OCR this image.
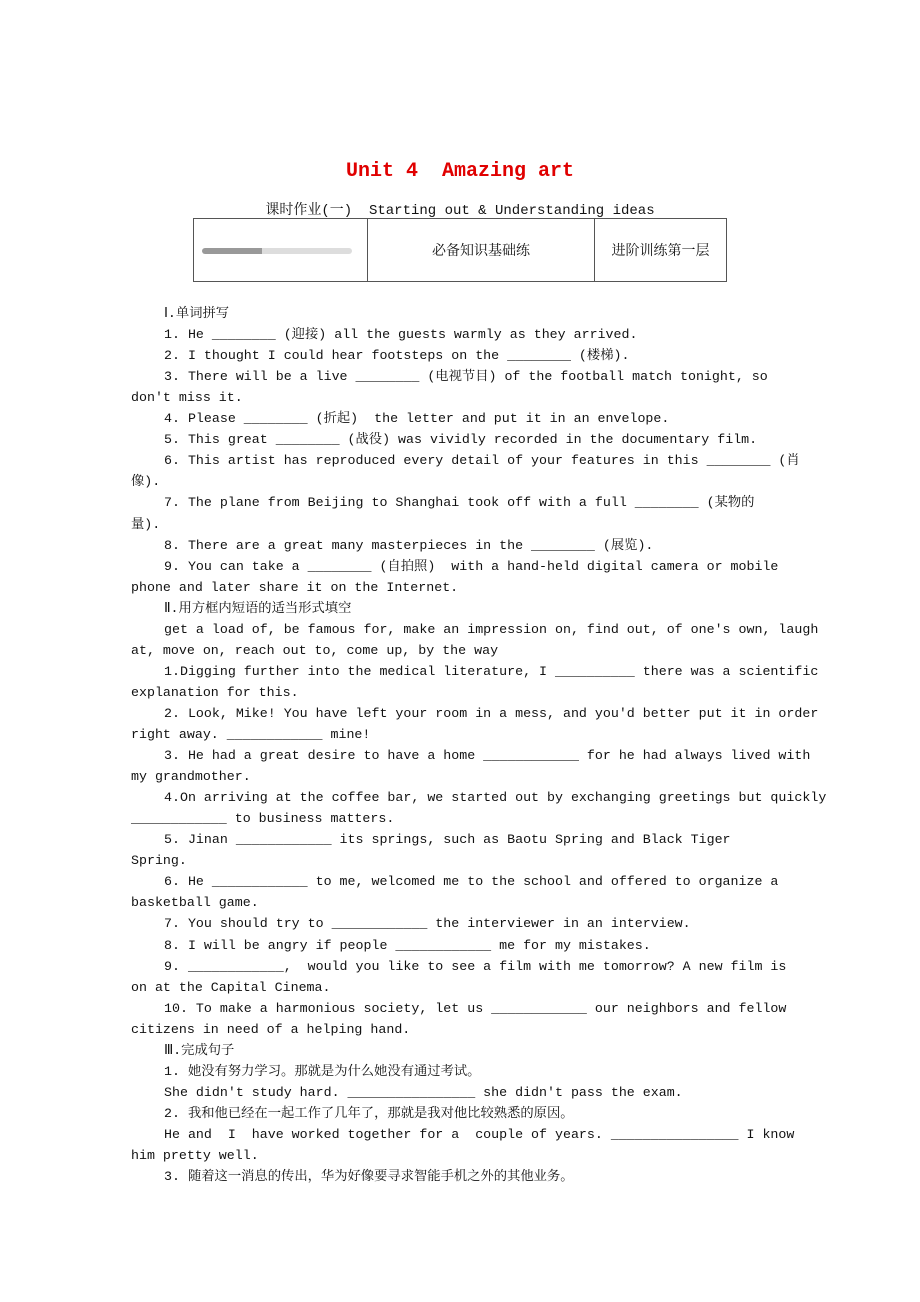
Unit 4  Amazing art
课时作业(一)  Starting out & Understanding ideas
	必备知识基础练	进阶训练第一层
Ⅰ.单词拼写
1. He ________ (迎接) all the guests warmly as they arrived.
2. I thought I could hear footsteps on the ________ (楼梯).
3. There will be a live ________ (电视节目) of the football match tonight, so
don't miss it.
4. Please ________ (折起)  the letter and put it in an envelope.
5. This great ________ (战役) was vividly recorded in the documentary film.
6. This artist has reproduced every detail of your features in this ________ (肖
像).
7. The plane from Beijing to Shanghai took off with a full ________ (某物的
量).
8. There are a great many masterpieces in the ________ (展览).
9. You can take a ________ (自拍照)  with a hand-held digital camera or mobile
phone and later share it on the Internet.
Ⅱ.用方框内短语的适当形式填空
get a load of, be famous for, make an impression on, find out, of one's own, laugh
at, move on, reach out to, come up, by the way
1.Digging further into the medical literature, I __________ there was a scientific
explanation for this.
2. Look, Mike! You have left your room in a mess, and you'd better put it in order
right away. ____________ mine!
3. He had a great desire to have a home ____________ for he had always lived with
my grandmother.
4.On arriving at the coffee bar, we started out by exchanging greetings but quickly
____________ to business matters.
5. Jinan ____________ its springs, such as Baotu Spring and Black Tiger
Spring.
6. He ____________ to me, welcomed me to the school and offered to organize a
basketball game.
7. You should try to ____________ the interviewer in an interview.
8. I will be angry if people ____________ me for my mistakes.
9. ____________,  would you like to see a film with me tomorrow? A new film is
on at the Capital Cinema.
10. To make a harmonious society, let us ____________ our neighbors and fellow
citizens in need of a helping hand.
Ⅲ.完成句子
1. 她没有努力学习。那就是为什么她没有通过考试。
She didn't study hard. ________________ she didn't pass the exam.
2. 我和他已经在一起工作了几年了，那就是我对他比较熟悉的原因。
He and  I  have worked together for a  couple of years. ________________ I know
him pretty well.
3. 随着这一消息的传出，华为好像要寻求智能手机之外的其他业务。
